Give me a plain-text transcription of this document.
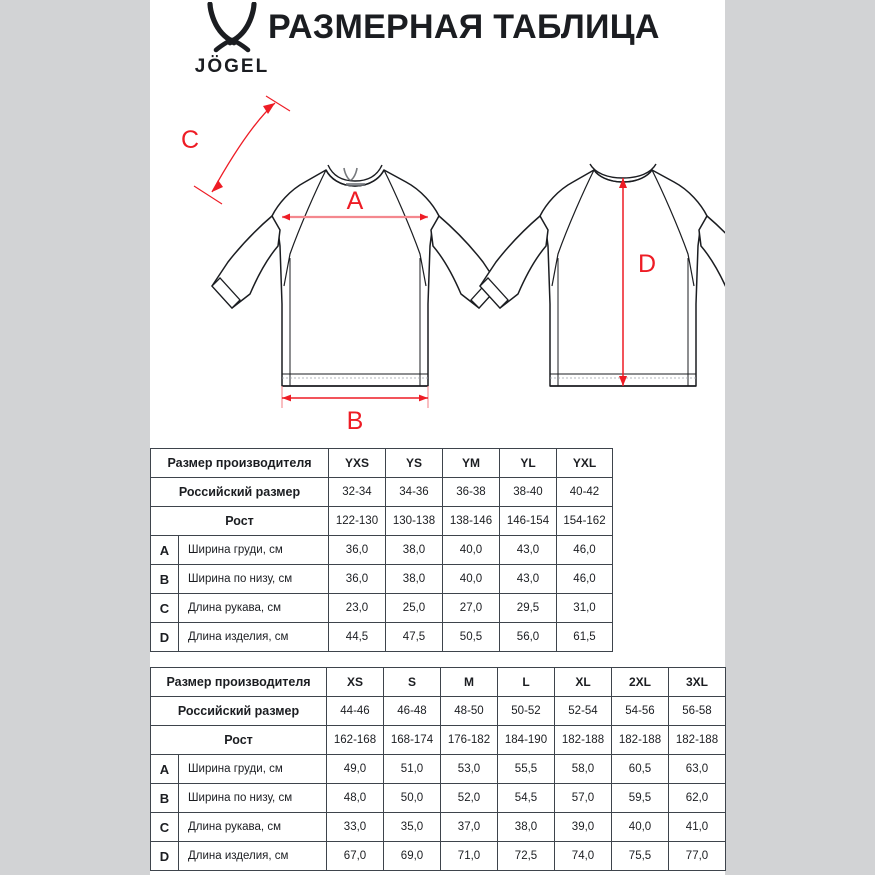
JÖGEL
РАЗМЕРНАЯ ТАБЛИЦА
A
B
C
D
Размер производителя		YXS	YS	YM	YL	YXL
Российский размер		32-34	34-36	36-38	38-40	40-42
Рост		122-130	130-138	138-146	146-154	154-162
A	Ширина груди, см	36,0	38,0	40,0	43,0	46,0
B	Ширина по низу, см	36,0	38,0	40,0	43,0	46,0
C	Длина рукава, см	23,0	25,0	27,0	29,5	31,0
D	Длина изделия, см	44,5	47,5	50,5	56,0	61,5
Размер производителя		XS	S	M	L	XL	2XL	3XL
Российский размер		44-46	46-48	48-50	50-52	52-54	54-56	56-58
Рост		162-168	168-174	176-182	184-190	182-188	182-188	182-188
A	Ширина груди, см	49,0	51,0	53,0	55,5	58,0	60,5	63,0
B	Ширина по низу, см	48,0	50,0	52,0	54,5	57,0	59,5	62,0
C	Длина рукава, см	33,0	35,0	37,0	38,0	39,0	40,0	41,0
D	Длина изделия, см	67,0	69,0	71,0	72,5	74,0	75,5	77,0
